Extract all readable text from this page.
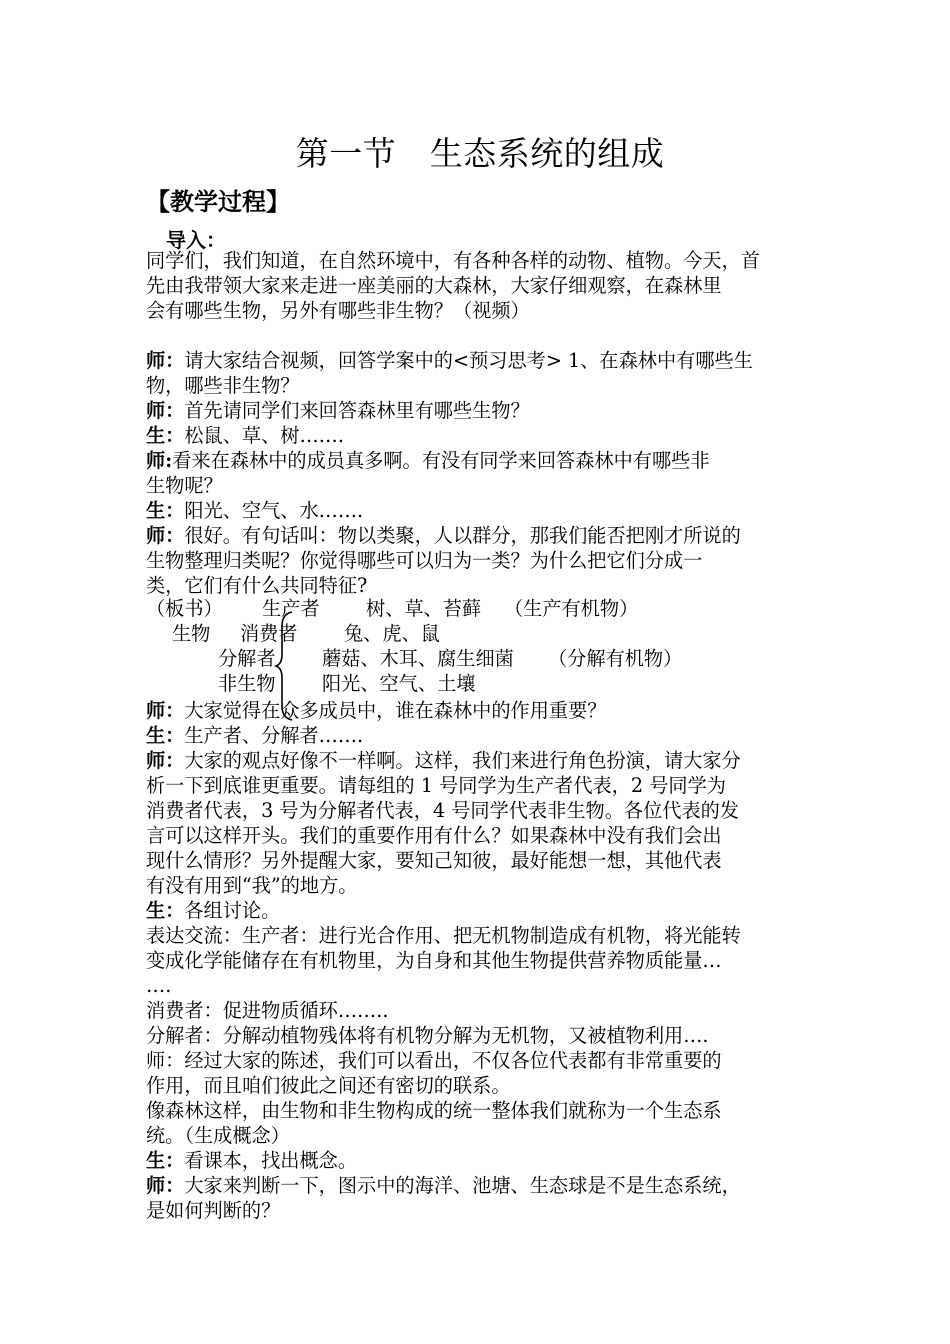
第一节　生态系统的组成
【教学过程】
导入：
同学们，我们知道，在自然环境中，有各种各样的动物、植物。今天，首
先由我带领大家来走进一座美丽的大森林，大家仔细观察，在森林里
会有哪些生物，另外有哪些非生物？（视频）
师：请大家结合视频，回答学案中的<预习思考> 1、在森林中有哪些生
物，哪些非生物？
师：首先请同学们来回答森林里有哪些生物？
生：松鼠、草、树…….
师:看来在森林中的成员真多啊。有没有同学来回答森林中有哪些非
生物呢？
生：阳光、空气、水…….
师：很好。有句话叫：物以类聚，人以群分，那我们能否把刚才所说的
生物整理归类呢？你觉得哪些可以归为一类？为什么把它们分成一
类，它们有什么共同特征?
（板书）
生物
生产者 树、草、苔藓 （生产有机物）
消费者 兔、虎、鼠
分解者 蘑菇、木耳、腐生细菌 （分解有机物）
非生物 阳光、空气、土壤
师：大家觉得在众多成员中，谁在森林中的作用重要？
生：生产者、分解者…….
师：大家的观点好像不一样啊。这样，我们来进行角色扮演，请大家分
析一下到底谁更重要。请每组的 1 号同学为生产者代表，2 号同学为
消费者代表，3 号为分解者代表，4 号同学代表非生物。各位代表的发
言可以这样开头。我们的重要作用有什么？如果森林中没有我们会出
现什么情形？另外提醒大家，要知己知彼，最好能想一想，其他代表
有没有用到“我”的地方。
生：各组讨论。
表达交流：生产者：进行光合作用、把无机物制造成有机物，将光能转
变成化学能储存在有机物里，为自身和其他生物提供营养物质能量…
….
消费者：促进物质循环……..
分解者：分解动植物残体将有机物分解为无机物，又被植物利用….
师：经过大家的陈述，我们可以看出，不仅各位代表都有非常重要的
作用，而且咱们彼此之间还有密切的联系。
像森林这样，由生物和非生物构成的统一整体我们就称为一个生态系
统。（生成概念）
生：看课本，找出概念。
师：大家来判断一下，图示中的海洋、池塘、生态球是不是生态系统，
是如何判断的？
